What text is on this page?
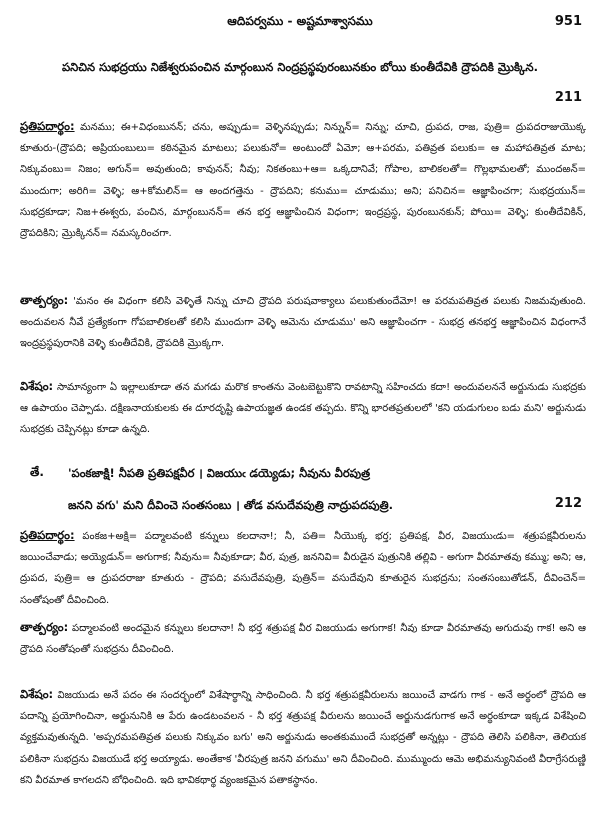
ఆదిపర్వము - అష్టమాశ్వాసము	951
పనిచిన సుభద్రయు నిజేశ్వరుపంచిన మార్గంబున నింద్రప్రస్థపురంబునకుం బోయి కుంతీదేవికి ద్రౌపదికి మ్రొక్కిన.
211
ప్రతిపదార్థం: మనము; ఈ+విధంబునన్; చను, అప్పుడు= వెళ్ళినప్పుడు; నిన్నున్= నిన్ను; చూచి, ద్రుపద, రాజ, పుత్రి= ద్రుపదరాజుయొక్క కూతురు-(ద్రౌపది; అప్రియంబులు= కఠినమైన మాటలు; పలుకునో= అంటుందో ఏమో; ఆ+పరమ, పతివ్రత పలుకు= ఆ మహాపతివ్రత మాట; నిక్కువంబు= నిజం; అగున్= అవుతుంది; కావునన్; నీవు; నికతంబు+ఆ= ఒక్కదానివే; గోపాల, బాలికలతో= గొల్లభామలతో; ముందఱన్= ముందుగా; అరిగి= వెళ్ళి; ఆ+కోమలిన్= ఆ అందగత్తెను - ద్రౌపదిని; కనుము= చూడుము; అని; పనిచిన= ఆజ్ఞాపించగా; సుభద్రయున్= సుభద్రకూడా; నిజ+ఈశ్వరు, పంచిన, మార్గంబునన్= తన భర్త ఆజ్ఞాపించిన విధంగా; ఇంద్రప్రస్థ, పురంబునకున్; పోయి= వెళ్ళి; కుంతీదేవికిన్, ద్రౌపదికిని; మ్రొక్కినన్= నమస్కరించగా.
తాత్పర్యం: 'మనం ఈ విధంగా కలిసి వెళ్ళితే నిన్ను చూచి ద్రౌపది పరుషవాక్యాలు పలుకుతుందేమో! ఆ పరమపతివ్రత పలుకు నిజమవుతుంది. అందువలన నీవే ప్రత్యేకంగా గోపబాలికలతో కలిసి ముందుగా వెళ్ళి ఆమెను చూడుము' అని ఆజ్ఞాపించగా - సుభద్ర తనభర్త ఆజ్ఞాపించిన విధంగానే ఇంద్రప్రస్థపురానికి వెళ్ళి కుంతీదేవికి, ద్రౌపదికి మ్రొక్కగా.
విశేషం: సామాన్యంగా ఏ ఇల్లాలుకూడా తన మగడు మరొక కాంతను వెంటబెట్టుకొని రావటాన్ని సహించదు కదా! అందువలననే అర్జునుడు సుభద్రకు ఆ ఉపాయం చెప్పాడు. దక్షిణనాయకులకు ఈ దూరదృష్టి ఉపాయజ్ఞత ఉండక తప్పదు. కొన్ని భారతప్రతులలో 'కని యడుగులం బడు మని' అర్జునుడు సుభద్రకు చెప్పినట్లు కూడా ఉన్నది.
తే. 'పంకజాక్షి! నీపతి ప్రతిపక్షవీర । విజయుఁ డయ్యెడు; నీవును వీరపుత్ర
జనని వగు' మని దీవించె సంతసంబు । తోడ వసుదేవపుత్రి నాద్రుపదపుత్రి.	212
ప్రతిపదార్థం: పంకజ+అక్షి= పద్మాలవంటి కన్నులు కలదానా!; నీ, పతి= నీయొక్క భర్త; ప్రతిపక్ష, వీర, విజయుఁడు= శత్రుపక్షవీరులను జయించేవాడు; అయ్యెడున్= అగుగాక; నీవును= నీవుకూడా; వీర, పుత్ర, జననివి= వీరుడైన పుత్రునికి తల్లివి - అగుగా వీరమాతవు కమ్ము; అని; ఆ, ద్రుపద, పుత్రి= ఆ ద్రుపదరాజు కూతురు - ద్రౌపది; వసుదేవపుత్రి, పుత్రిన్= వసుదేవుని కూతురైన సుభద్రను; సంతసంబుతోడన్, దీవించెన్= సంతోషంతో దీవించింది.
తాత్పర్యం: పద్మాలవంటి అందమైన కన్నులు కలదానా! నీ భర్త శత్రుపక్ష వీర విజయుడు అగుగాక! నీవు కూడా వీరమాతవు అగుదువు గాక! అని ఆ ద్రౌపది సంతోషంతో సుభద్రను దీవించింది.
విశేషం: విజయుడు అనే పదం ఈ సందర్భంలో విశేషార్థాన్ని సాధించింది. నీ భర్త శత్రుపక్షవీరులను జయించే వాడగు గాక - అనే అర్థంలో ద్రౌపది ఆ పదాన్ని ప్రయోగించినా, అర్జునునికి ఆ పేరు ఉండటంవలన - నీ భర్త శత్రుపక్ష వీరులను జయించే అర్జునుడగుగాక అనే అర్థంకూడా ఇక్కడ విశేషించి వ్యక్తమవుతున్నది. 'అప్పరమపతివ్రత పలుకు నిక్కువం బగు' అని అర్జునుడు అంతకుముందే సుభద్రతో అన్నట్లు - ద్రౌపది తెలిసి పలికినా, తెలియక పలికినా సుభద్రను విజయుడే భర్త అయ్యాడు. అంతేకాక 'వీరపుత్ర జనని వగుము' అని దీవించింది. ముమ్ముందు ఆమె అభిమన్యునివంటి వీరాగ్రేసరుణ్ణి కని వీరమాత కాగలదని బోధించింది. ఇది భావికథార్థ వ్యంజకమైన పతాకస్థానం.
